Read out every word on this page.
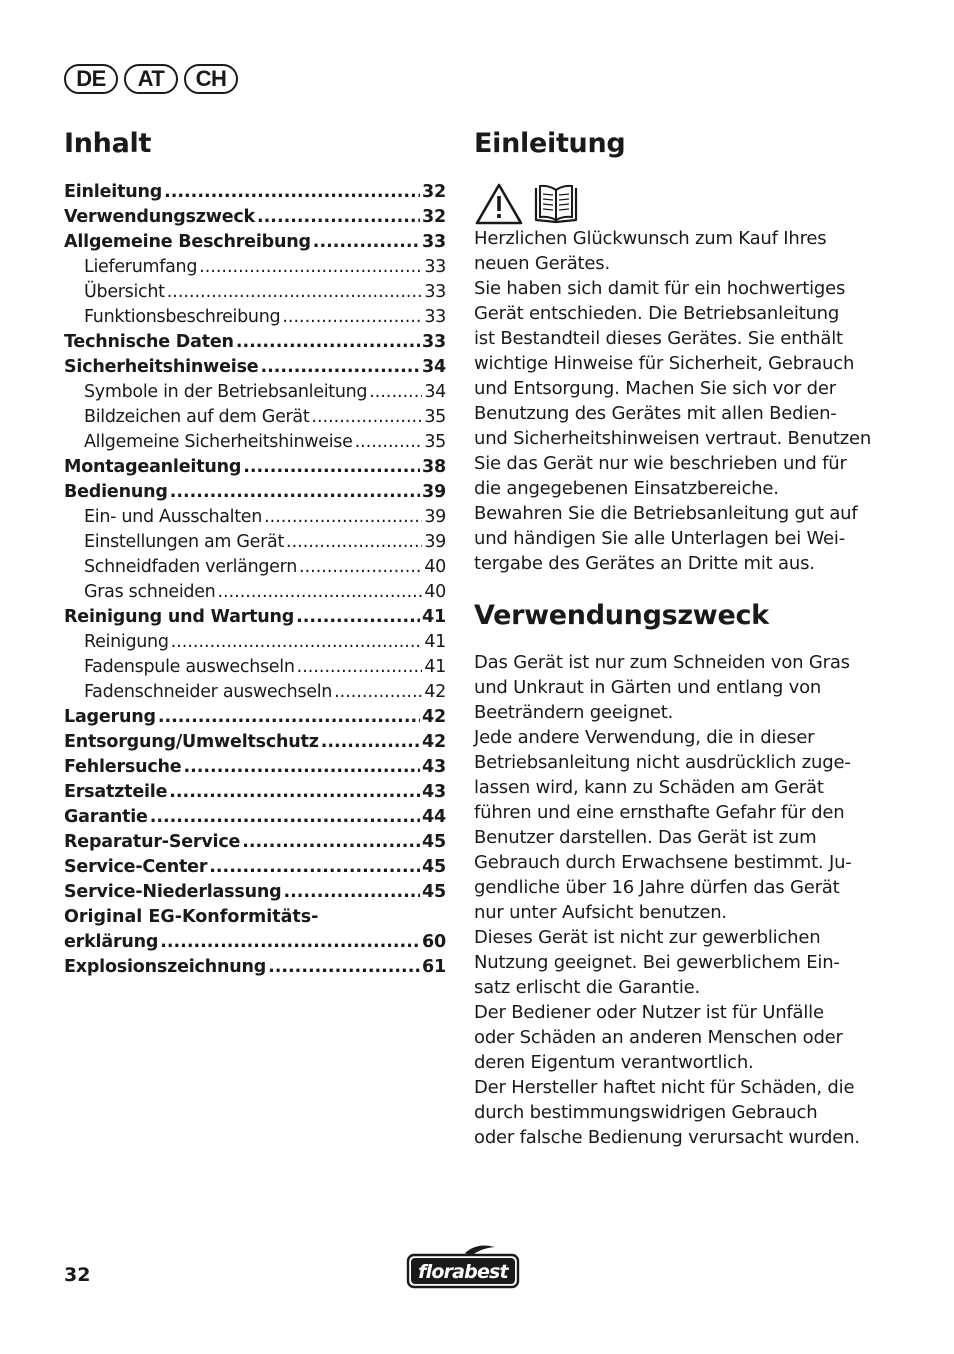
DE	AT	CH
Inhalt
Einleitung .....	32
Verwendungszweck .....	32
Allgemeine Beschreibung .....	33
Lieferumfang .....	33
Übersicht .....	33
Funktionsbeschreibung .....	33
Technische Daten .....	33
Sicherheitshinweise .....	34
Symbole in der Betriebsanleitung .....	34
Bildzeichen auf dem Gerät .....	35
Allgemeine Sicherheitshinweise .....	35
Montageanleitung .....	38
Bedienung .....	39
Ein- und Ausschalten .....	39
Einstellungen am Gerät .....	39
Schneidfaden verlängern .....	40
Gras schneiden .....	40
Reinigung und Wartung .....	41
Reinigung .....	41
Fadenspule auswechseln .....	41
Fadenschneider auswechseln .....	42
Lagerung .....	42
Entsorgung/Umweltschutz .....	42
Fehlersuche .....	43
Ersatzteile .....	43
Garantie .....	44
Reparatur-Service .....	45
Service-Center .....	45
Service-Niederlassung .....	45
Original EG-Konformitäts-
erklärung .....	60
Explosionszeichnung .....	61
Einleitung
Herzlichen Glückwunsch zum Kauf Ihres
neuen Gerätes.
Sie haben sich damit für ein hochwertiges
Gerät entschieden. Die Betriebsanleitung
ist Bestandteil dieses Gerätes. Sie enthält
wichtige Hinweise für Sicherheit, Gebrauch
und Entsorgung. Machen Sie sich vor der
Benutzung des Gerätes mit allen Bedien-
und Sicherheitshinweisen vertraut. Benutzen
Sie das Gerät nur wie beschrieben und für
die angegebenen Einsatzbereiche.
Bewahren Sie die Betriebsanleitung gut auf
und händigen Sie alle Unterlagen bei Wei-
tergabe des Gerätes an Dritte mit aus.
Verwendungszweck
Das Gerät ist nur zum Schneiden von Gras
und Unkraut in Gärten und entlang von
Beeträndern geeignet.
Jede andere Verwendung, die in dieser
Betriebsanleitung nicht ausdrücklich zuge-
lassen wird, kann zu Schäden am Gerät
führen und eine ernsthafte Gefahr für den
Benutzer darstellen. Das Gerät ist zum
Gebrauch durch Erwachsene bestimmt. Ju-
gendliche über 16 Jahre dürfen das Gerät
nur unter Aufsicht benutzen.
Dieses Gerät ist nicht zur gewerblichen
Nutzung geeignet. Bei gewerblichem Ein-
satz erlischt die Garantie.
Der Bediener oder Nutzer ist für Unfälle
oder Schäden an anderen Menschen oder
deren Eigentum verantwortlich.
Der Hersteller haftet nicht für Schäden, die
durch bestimmungswidrigen Gebrauch
oder falsche Bedienung verursacht wurden.
32	florabest
